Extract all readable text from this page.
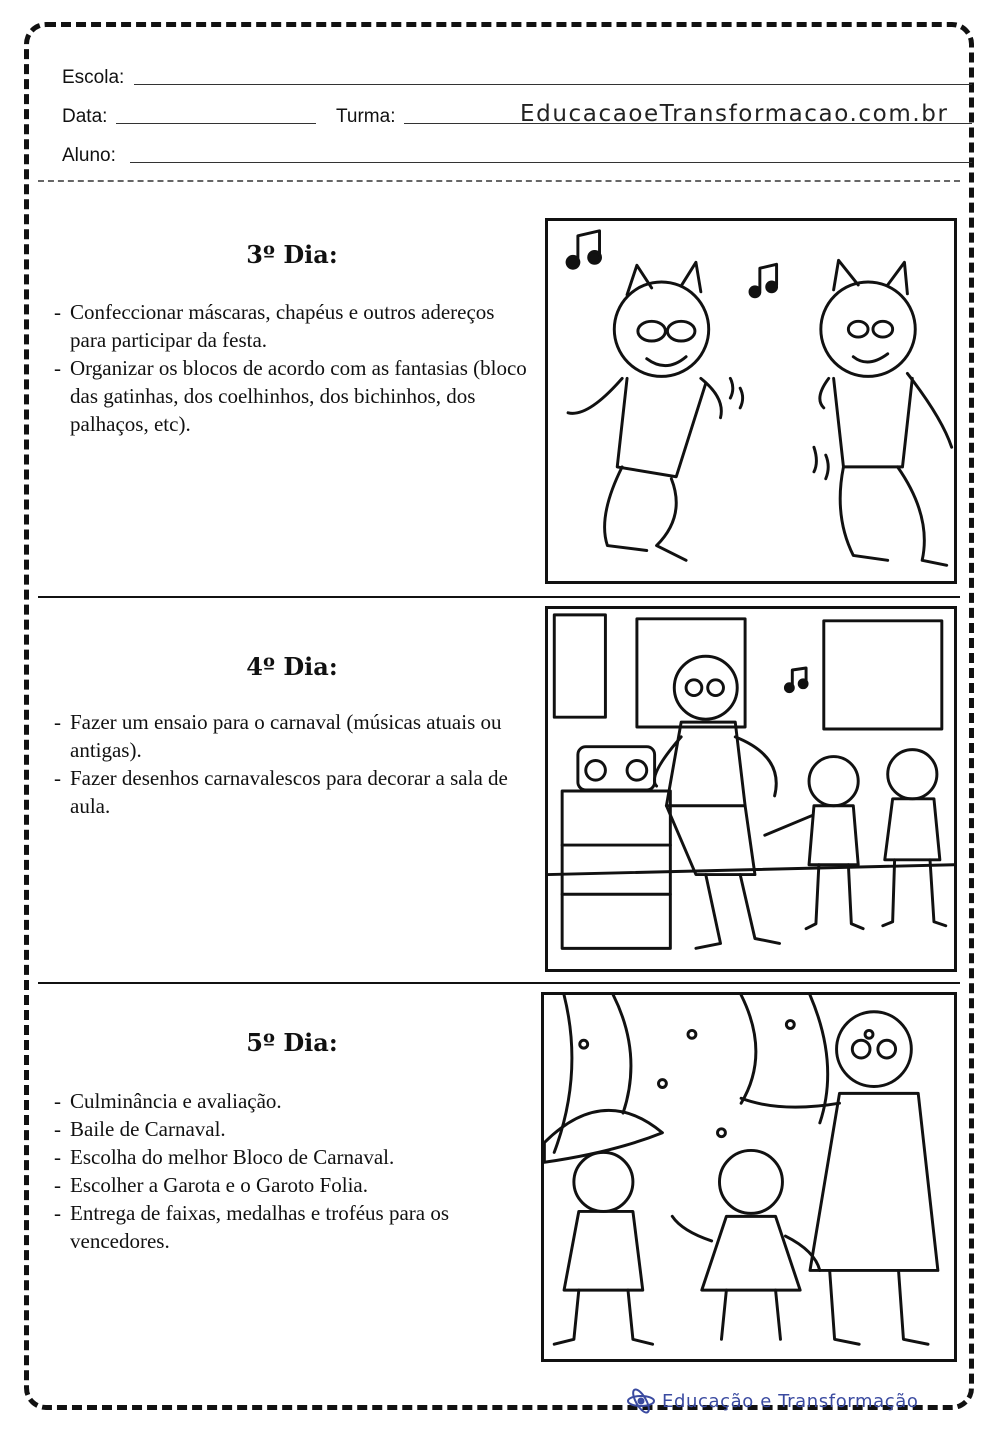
Escola:
Data:	Turma:	EducacaoeTransformacao.com.br
Aluno:
3º Dia:
- Confeccionar máscaras, chapéus e outros adereços para participar da festa.
- Organizar os blocos de acordo com as fantasias (bloco das gatinhas, dos coelhinhos, dos bichinhos, dos palhaços, etc).
4º Dia:
- Fazer um ensaio para o carnaval (músicas atuais ou antigas).
- Fazer desenhos carnavalescos para decorar a sala de aula.
5º Dia:
- Culminância e avaliação.
- Baile de Carnaval.
- Escolha do melhor Bloco de Carnaval.
- Escolher a Garota e o Garoto Folia.
- Entrega de faixas, medalhas e troféus para os vencedores.
Educação e Transformação
